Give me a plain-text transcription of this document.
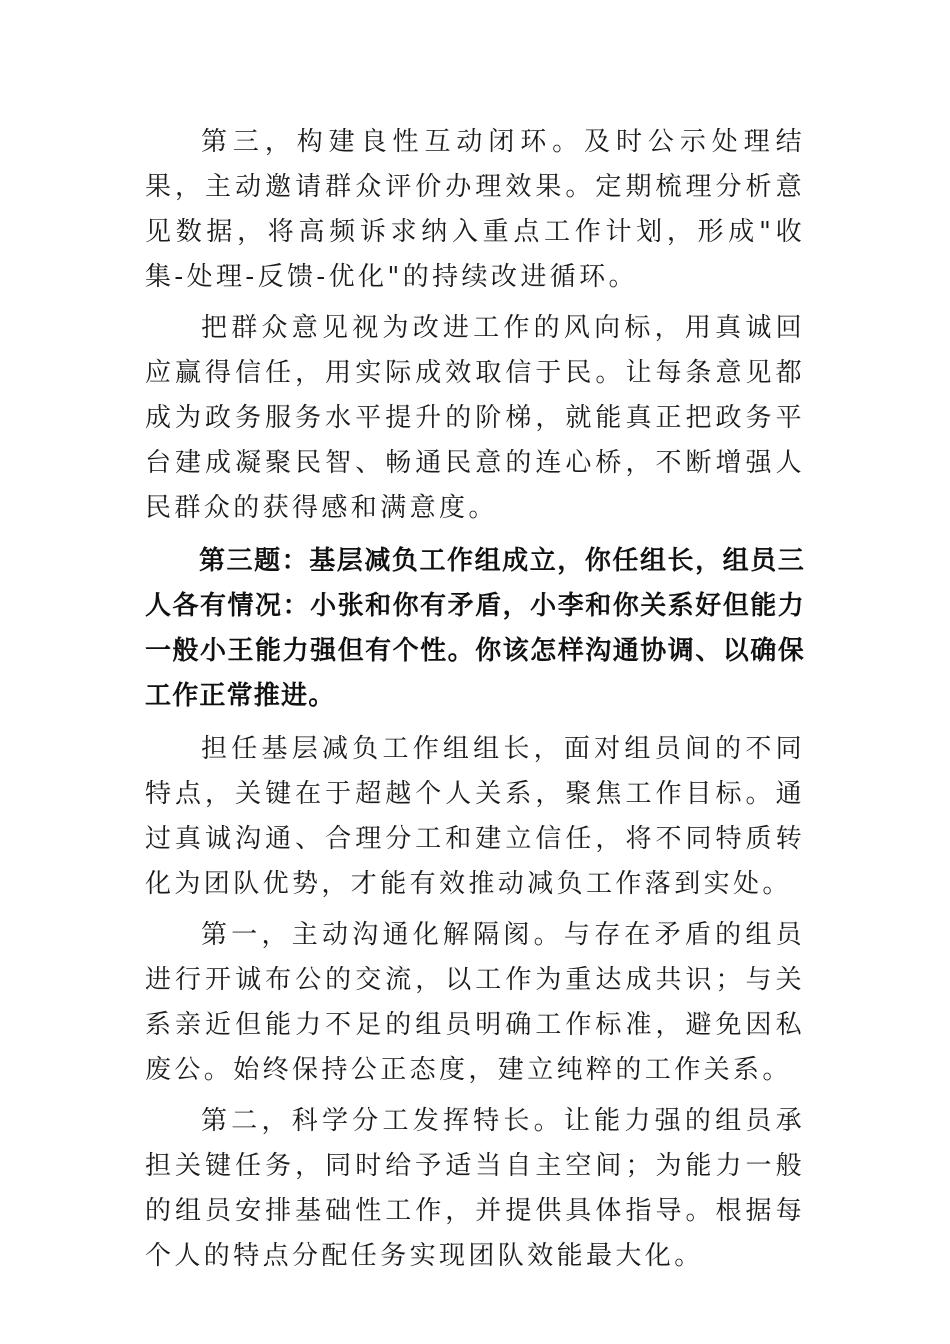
第三，构建良性互动闭环。及时公示处理结果，主动邀请群众评价办理效果。定期梳理分析意见数据，将高频诉求纳入重点工作计划，形成"收集-处理-反馈-优化"的持续改进循环。

把群众意见视为改进工作的风向标，用真诚回应赢得信任，用实际成效取信于民。让每条意见都成为政务服务水平提升的阶梯，就能真正把政务平台建成凝聚民智、畅通民意的连心桥，不断增强人民群众的获得感和满意度。

第三题：基层减负工作组成立，你任组长，组员三人各有情况：小张和你有矛盾，小李和你关系好但能力一般小王能力强但有个性。你该怎样沟通协调、以确保工作正常推进。

担任基层减负工作组组长，面对组员间的不同特点，关键在于超越个人关系，聚焦工作目标。通过真诚沟通、合理分工和建立信任，将不同特质转化为团队优势，才能有效推动减负工作落到实处。

第一，主动沟通化解隔阂。与存在矛盾的组员进行开诚布公的交流，以工作为重达成共识；与关系亲近但能力不足的组员明确工作标准，避免因私废公。始终保持公正态度，建立纯粹的工作关系。

第二，科学分工发挥特长。让能力强的组员承担关键任务，同时给予适当自主空间；为能力一般的组员安排基础性工作，并提供具体指导。根据每个人的特点分配任务实现团队效能最大化。
